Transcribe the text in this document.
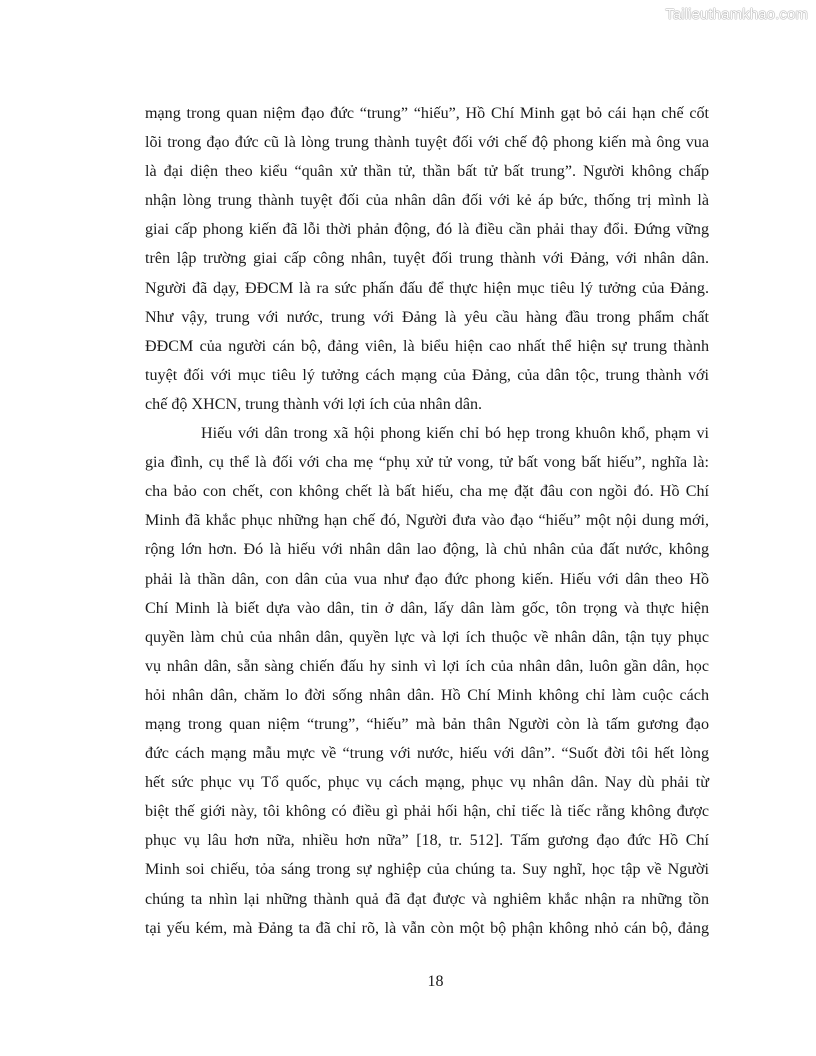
Tailieuthamkhao.com
mạng trong quan niệm đạo đức “trung” “hiếu”, Hồ Chí Minh gạt bỏ cái hạn chế cốt
lõi trong đạo đức cũ là lòng trung thành tuyệt đối với chế độ phong kiến mà ông vua
là đại diện theo kiểu “quân xử thần tử, thần bất tử bất trung”. Người không chấp
nhận lòng trung thành tuyệt đối của nhân dân đối với kẻ áp bức, thống trị mình là
giai cấp phong kiến đã lỗi thời phản động, đó là điều cần phải thay đổi. Đứng vững
trên lập trường giai cấp công nhân, tuyệt đối trung thành với Đảng, với nhân dân.
Người đã dạy, ĐĐCM là ra sức phấn đấu để thực hiện mục tiêu lý tưởng của Đảng.
Như vậy, trung với nước, trung với Đảng là yêu cầu hàng đầu trong phẩm chất
ĐĐCM của người cán bộ, đảng viên, là biểu hiện cao nhất thể hiện sự trung thành
tuyệt đối với mục tiêu lý tưởng cách mạng của Đảng, của dân tộc, trung thành với
chế độ XHCN, trung thành với lợi ích của nhân dân.
Hiếu với dân trong xã hội phong kiến chỉ bó hẹp trong khuôn khổ, phạm vi
gia đình, cụ thể là đối với cha mẹ “phụ xử tử vong, tử bất vong bất hiếu”, nghĩa là:
cha bảo con chết, con không chết là bất hiếu, cha mẹ đặt đâu con ngồi đó. Hồ Chí
Minh đã khắc phục những hạn chế đó, Người đưa vào đạo “hiếu” một nội dung mới,
rộng lớn hơn. Đó là hiếu với nhân dân lao động, là chủ nhân của đất nước, không
phải là thần dân, con dân của vua như đạo đức phong kiến. Hiếu với dân theo Hồ
Chí Minh là biết dựa vào dân, tin ở dân, lấy dân làm gốc, tôn trọng và thực hiện
quyền làm chủ của nhân dân, quyền lực và lợi ích thuộc về nhân dân, tận tụy phục
vụ nhân dân, sẵn sàng chiến đấu hy sinh vì lợi ích của nhân dân, luôn gần dân, học
hỏi nhân dân, chăm lo đời sống nhân dân. Hồ Chí Minh không chỉ làm cuộc cách
mạng trong quan niệm “trung”, “hiếu” mà bản thân Người còn là tấm gương đạo
đức cách mạng mẫu mực về “trung với nước, hiếu với dân”. “Suốt đời tôi hết lòng
hết sức phục vụ Tổ quốc, phục vụ cách mạng, phục vụ nhân dân. Nay dù phải từ
biệt thế giới này, tôi không có điều gì phải hối hận, chỉ tiếc là tiếc rằng không được
phục vụ lâu hơn nữa, nhiều hơn nữa” [18, tr. 512]. Tấm gương đạo đức Hồ Chí
Minh soi chiếu, tỏa sáng trong sự nghiệp của chúng ta. Suy nghĩ, học tập về Người
chúng ta nhìn lại những thành quả đã đạt được và nghiêm khắc nhận ra những tồn
tại yếu kém, mà Đảng ta đã chỉ rõ, là vẫn còn một bộ phận không nhỏ cán bộ, đảng
18
